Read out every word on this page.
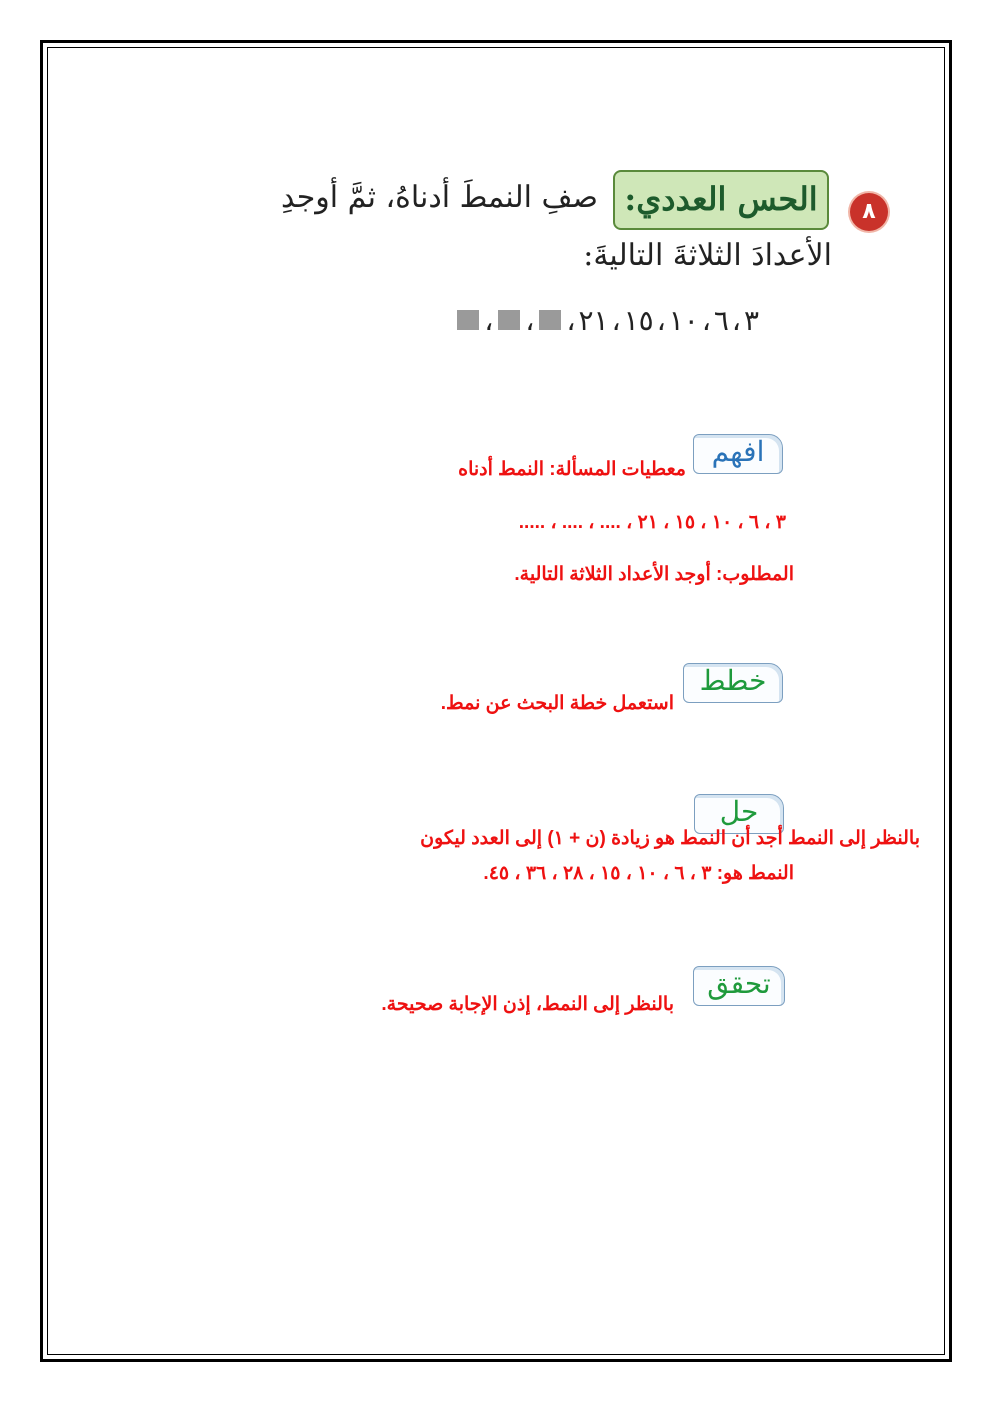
٨
الحس العددي:
صفِ النمطَ أدناهُ، ثمَّ أوجدِ
الأعدادَ الثلاثةَ التاليةَ:
٣
،
٦
،
١٠
،
١٥
،
٢١
،
،
،
افهم
معطيات المسألة: النمط أدناه
٣ ، ٦ ، ١٠ ، ١٥ ، ٢١ ، .... ، .... ، .....
المطلوب: أوجد الأعداد الثلاثة التالية.
خطط
استعمل خطة البحث عن نمط.
حل
بالنظر إلى النمط أجد أن النمط هو زيادة (ن + ١) إلى العدد ليكون
النمط هو: ٣ ، ٦ ، ١٠ ، ١٥ ، ٢٨ ، ٣٦ ، ٤٥.
تحقق
بالنظر إلى النمط، إذن الإجابة صحيحة.
